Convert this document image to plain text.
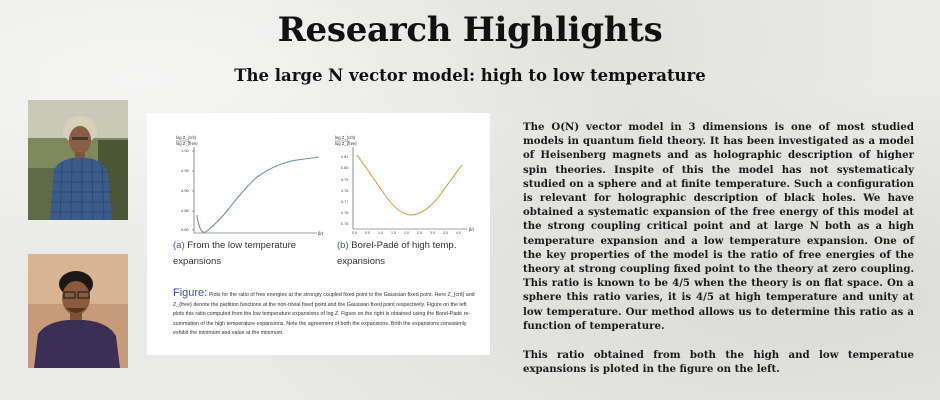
Research Highlights
The large N vector model: high to low temperature
log Z_{crit}
log Z_{free}
1.00
0.95
0.90
0.85
0.80
β/τ
log Z_{crit}
log Z_{free}
0.81
0.80
0.79
0.78
0.77
0.76
0.75
0.0 0.5 1.0 1.5 2.0 2.5 3.0 3.5 4.0
β/τ
(a) From the low temperature
expansions
(b) Borel-Padé of high temp.
expansions
Figure: Plots for the ratio of free energies at the strongly coupled fixed point to the Gaussian fixed point. Here Z_{crit} and Z_{free} denote the partition functions at the non-trivial fixed point and the Gaussian fixed point respectively. Figure on the left plots this ratio computed from the low temperature expansions of log Z. Figure on the right is obtained using the Borel-Padé re-summation of the high temperature expansions. Note the agreement of both the expansions. Both the expansions consistenly exhibit the minimum and value at the minimum.

The O(N) vector model in 3 dimensions is one of most studied models in quantum field theory. It has been investigated as a model of Heisenberg magnets and as holographic description of higher spin theories. Inspite of this the model has not systematicaly studied on a sphere and at finite temperature. Such a configuration is relevant for holographic description of black holes. We have obtained a systematic expansion of the free energy of this model at the strong coupling critical point and at large N both as a high temperature expansion and a low temperature expansion. One of the key properties of the model is the ratio of free energies of the theory at strong coupling fixed point to the theory at zero coupling. This ratio is known to be 4/5 when the theory is on flat space. On a sphere this ratio varies, it is 4/5 at high temperature and unity at low temperature. Our method allows us to determine this ratio as a function of temperature.

This ratio obtained from both the high and low temperatue expansions is ploted in the figure on the left.
